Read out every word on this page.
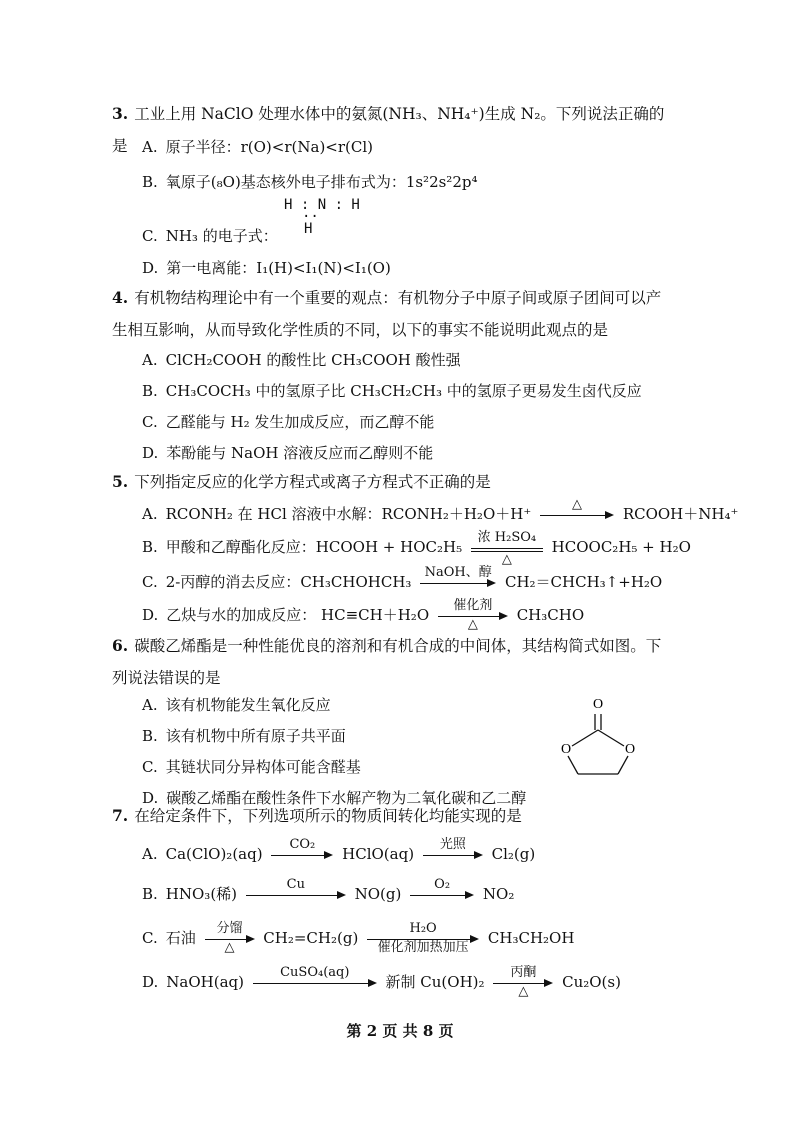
3. 工业上用 NaClO 处理水体中的氨氮(NH₃、NH₄⁺)生成 N₂。下列说法正确的是 A. 原子半径：r(O)<r(Na)<r(Cl)
B. 氧原子(₈O)基态核外电子排布式为：1s²2s²2p⁴
H : N : H
··
H
C. NH₃ 的电子式：
D. 第一电离能：I₁(H)<I₁(N)<I₁(O)
4. 有机物结构理论中有一个重要的观点：有机物分子中原子间或原子团间可以产生相互影响，从而导致化学性质的不同，以下的事实不能说明此观点的是
A. ClCH₂COOH 的酸性比 CH₃COOH 酸性强
B. CH₃COCH₃ 中的氢原子比 CH₃CH₂CH₃ 中的氢原子更易发生卤代反应
C. 乙醛能与 H₂ 发生加成反应，而乙醇不能
D. 苯酚能与 NaOH 溶液反应而乙醇则不能
5. 下列指定反应的化学方程式或离子方程式不正确的是
A. RCONH₂ 在 HCl 溶液中水解：RCONH₂＋H₂O＋H⁺
△
RCOOH＋NH₄⁺
B. 甲酸和乙醇酯化反应：HCOOH + HOC₂H₅
浓 H₂SO₄
△
HCOOC₂H₅ + H₂O
C. 2-丙醇的消去反应：CH₃CHOHCH₃
NaOH、醇
CH₂＝CHCH₃↑+H₂O
D. 乙炔与水的加成反应： HC≡CH＋H₂O
催化剂
△
CH₃CHO
6. 碳酸乙烯酯是一种性能优良的溶剂和有机合成的中间体，其结构简式如图。下列说法错误的是
A. 该有机物能发生氧化反应
B. 该有机物中所有原子共平面
C. 其链状同分异构体可能含醛基
D. 碳酸乙烯酯在酸性条件下水解产物为二氧化碳和乙二醇
O
O	O
7. 在给定条件下，下列选项所示的物质间转化均能实现的是
A. Ca(ClO)₂(aq)
CO₂
HClO(aq)
光照
Cl₂(g)
B. HNO₃(稀)
Cu
NO(g)
O₂
NO₂
C. 石油
分馏
△
CH₂=CH₂(g)
H₂O
催化剂加热加压
CH₃CH₂OH
D. NaOH(aq)
CuSO₄(aq)
新制 Cu(OH)₂
丙酮
△
Cu₂O(s)
第 2 页 共 8 页
